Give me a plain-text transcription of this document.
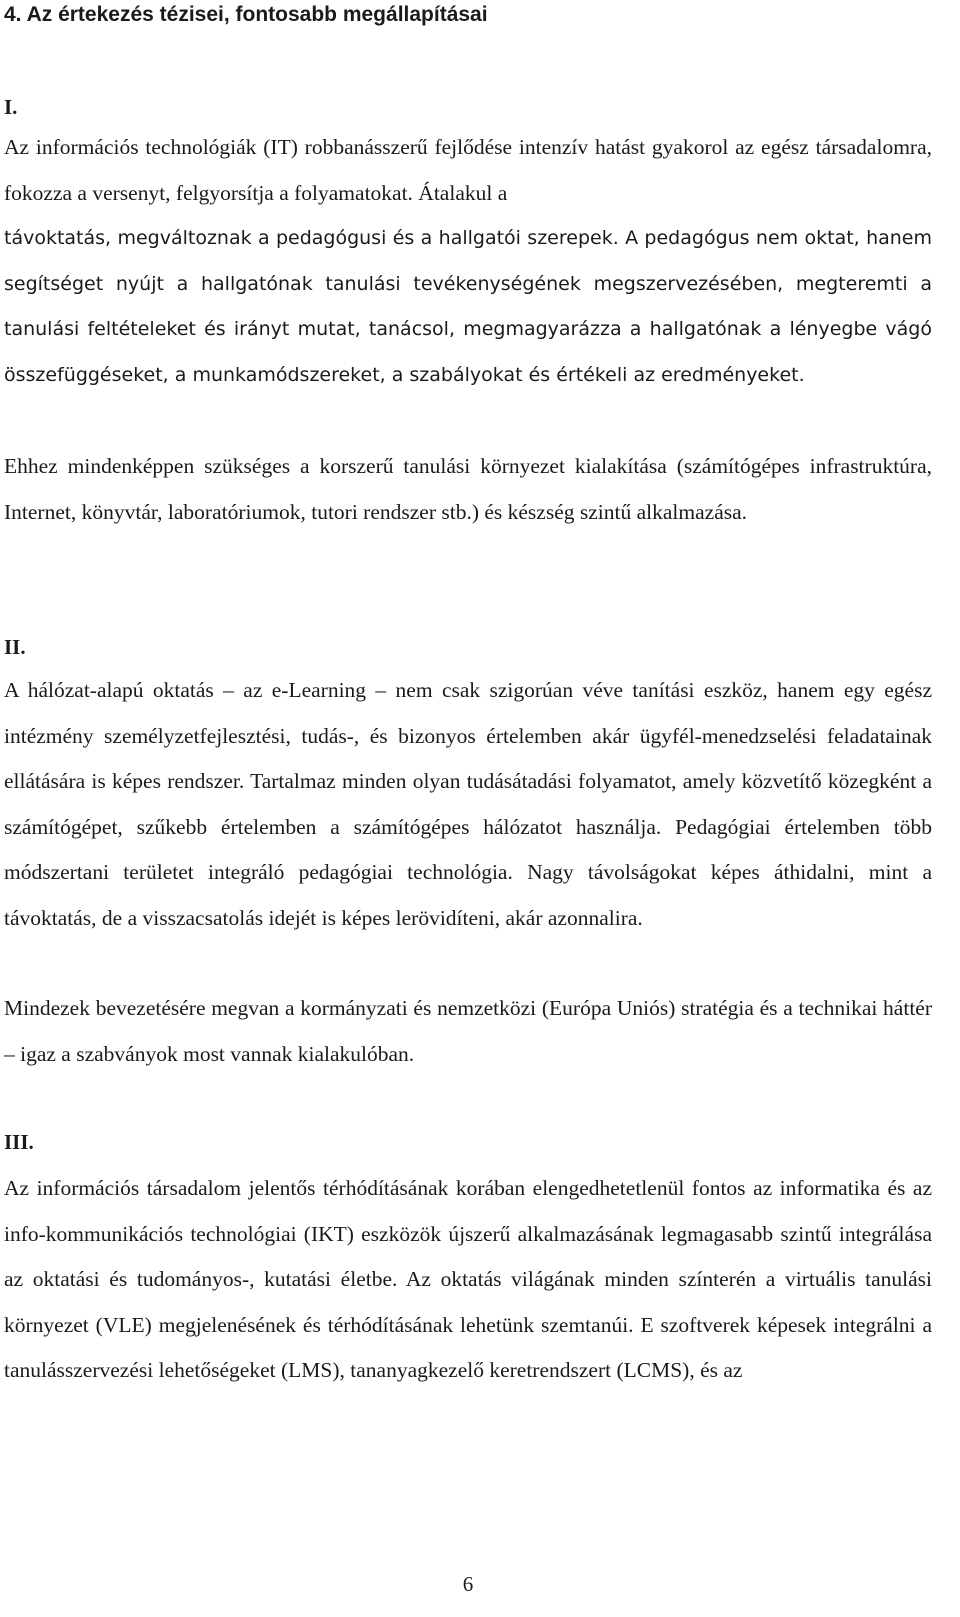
4. Az értekezés tézisei, fontosabb megállapításai
I.

Az információs technológiák (IT) robbanásszerű fejlődése intenzív hatást gyakorol az egész társadalomra, fokozza a versenyt, felgyorsítja a folyamatokat. Átalakul a

távoktatás, megváltoznak a pedagógusi és a hallgatói szerepek. A pedagógus nem oktat, hanem segítséget nyújt a hallgatónak tanulási tevékenységének megszervezésében, megteremti a tanulási feltételeket és irányt mutat, tanácsol, megmagyarázza a hallgatónak a lényegbe vágó összefüggéseket, a munkamódszereket, a szabályokat és értékeli az eredményeket.

Ehhez mindenképpen szükséges a korszerű tanulási környezet kialakítása (számítógépes infrastruktúra, Internet, könyvtár, laboratóriumok, tutori rendszer stb.) és készség szintű alkalmazása.

II.

A hálózat-alapú oktatás – az e-Learning – nem csak szigorúan véve tanítási eszköz, hanem egy egész intézmény személyzetfejlesztési, tudás-, és bizonyos értelemben akár ügyfél-menedzselési feladatainak ellátására is képes rendszer. Tartalmaz minden olyan tudásátadási folyamatot, amely közvetítő közegként a számítógépet, szűkebb értelemben a számítógépes hálózatot használja. Pedagógiai értelemben több módszertani területet integráló pedagógiai technológia. Nagy távolságokat képes áthidalni, mint a távoktatás, de a visszacsatolás idejét is képes lerövidíteni, akár azonnalira.

Mindezek bevezetésére megvan a kormányzati és nemzetközi (Európa Uniós) stratégia és a technikai háttér – igaz a szabványok most vannak kialakulóban.

III.

Az információs társadalom jelentős térhódításának korában elengedhetetlenül fontos az informatika és az info-kommunikációs technológiai (IKT) eszközök újszerű alkalmazásának legmagasabb szintű integrálása az oktatási és tudományos-, kutatási életbe. Az oktatás világának minden színterén a virtuális tanulási környezet (VLE) megjelenésének és térhódításának lehetünk szemtanúi. E szoftverek képesek integrálni a tanulásszervezési lehetőségeket (LMS), tananyagkezelő keretrendszert (LCMS), és az

6
